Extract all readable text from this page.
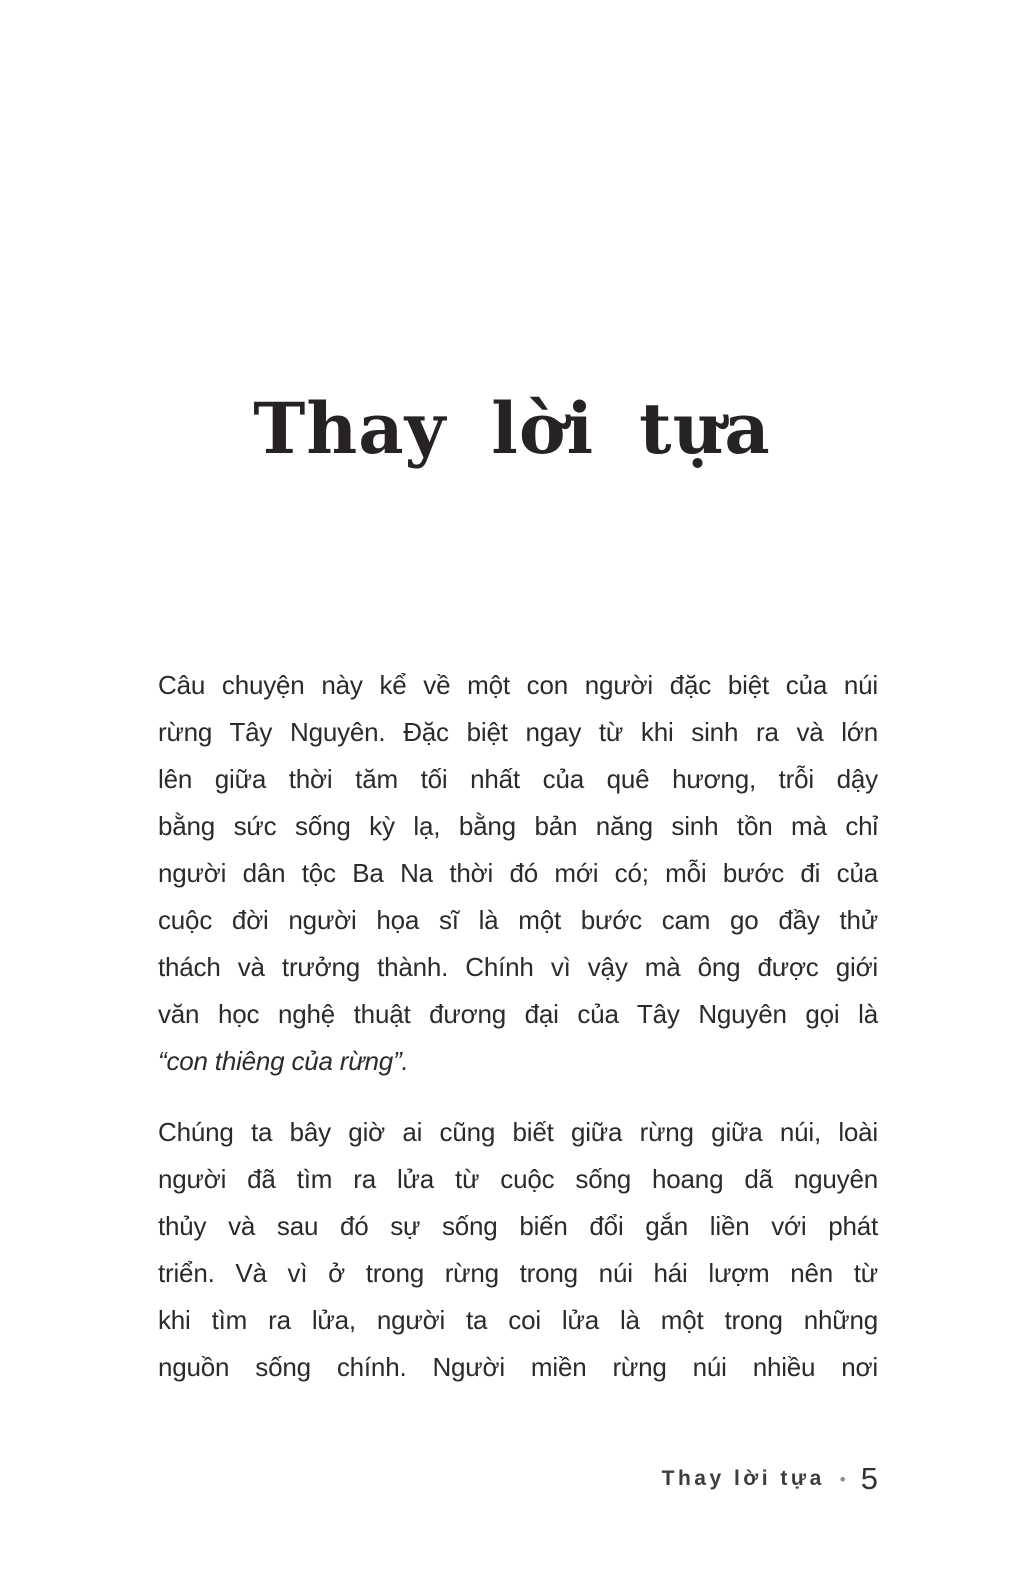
Thay lời tựa
Câu chuyện này kể về một con người đặc biệt của núi
rừng Tây Nguyên. Đặc biệt ngay từ khi sinh ra và lớn
lên giữa thời tăm tối nhất của quê hương, trỗi dậy
bằng sức sống kỳ lạ, bằng bản năng sinh tồn mà chỉ
người dân tộc Ba Na thời đó mới có; mỗi bước đi của
cuộc đời người họa sĩ là một bước cam go đầy thử
thách và trưởng thành. Chính vì vậy mà ông được giới
văn học nghệ thuật đương đại của Tây Nguyên gọi là
“con thiêng của rừng”.
Chúng ta bây giờ ai cũng biết giữa rừng giữa núi, loài
người đã tìm ra lửa từ cuộc sống hoang dã nguyên
thủy và sau đó sự sống biến đổi gắn liền với phát
triển. Và vì ở trong rừng trong núi hái lượm nên từ
khi tìm ra lửa, người ta coi lửa là một trong những
nguồn sống chính. Người miền rừng núi nhiều nơi
Thay lời tựa • 5
